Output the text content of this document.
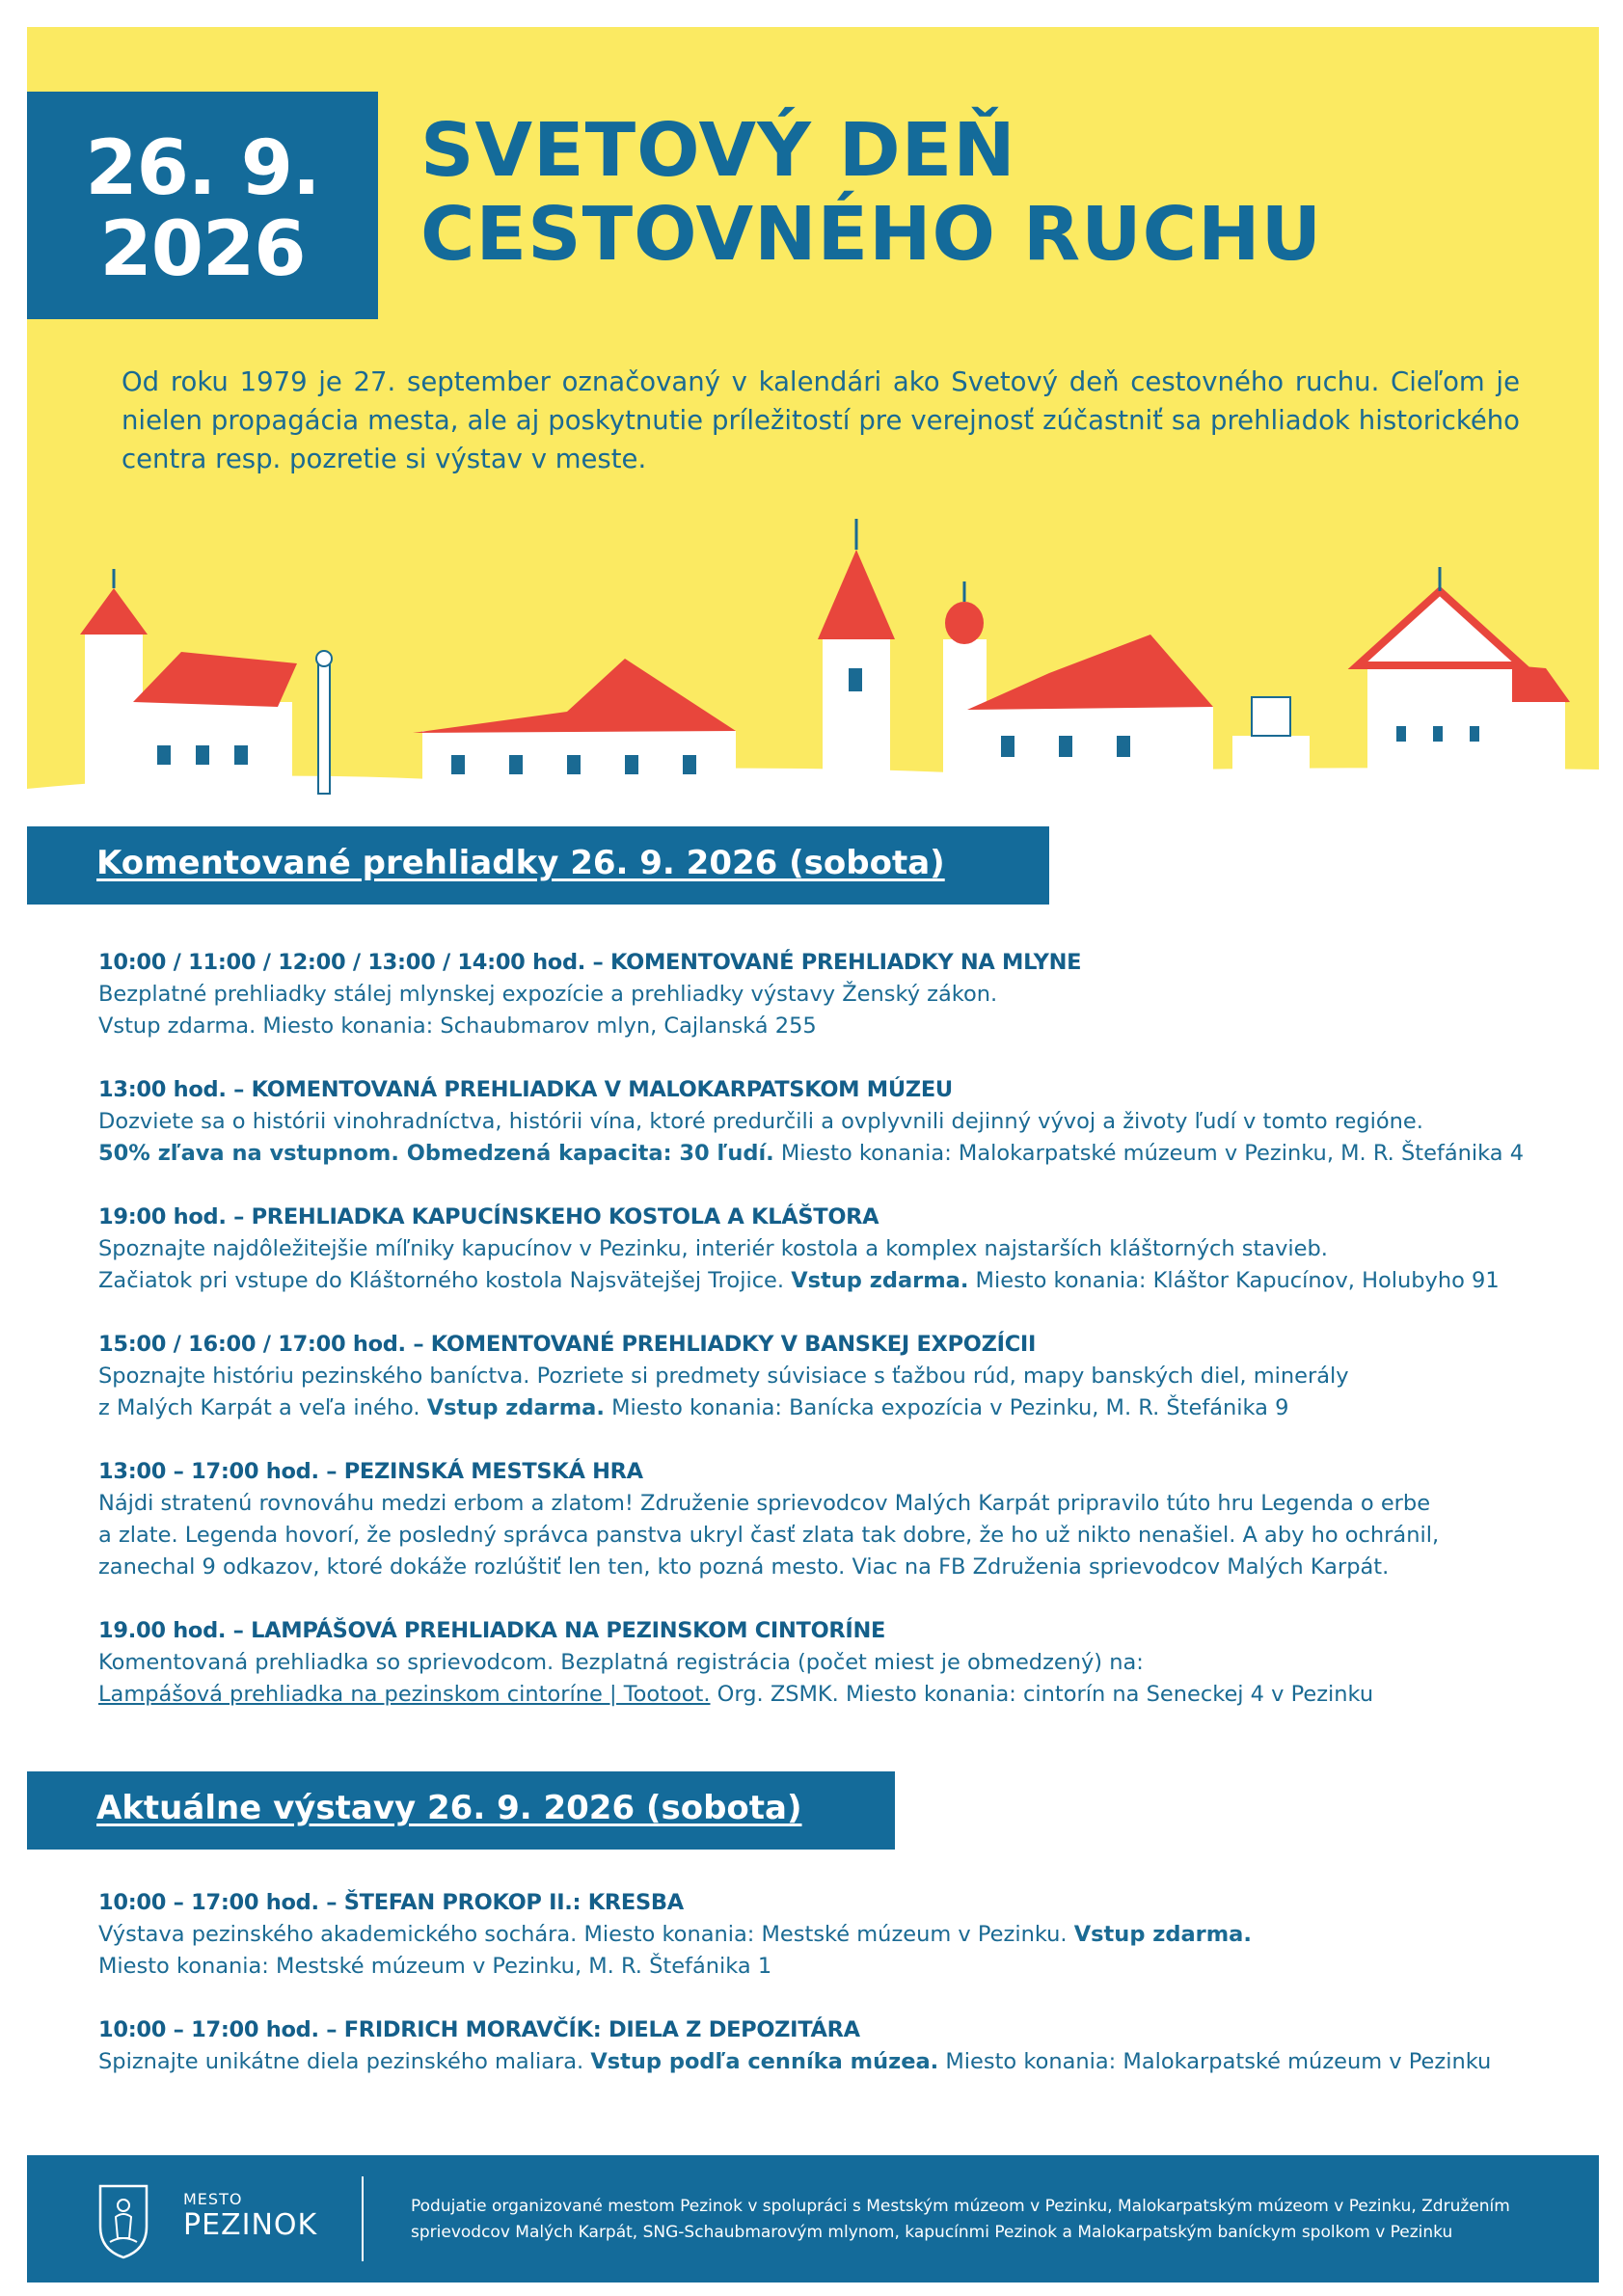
26. 9.
2026
SVETOVÝ DEŇ
CESTOVNÉHO RUCHU

Od roku 1979 je 27. september označovaný v kalendári ako Svetový deň cestovného ruchu. Cieľom je nielen propagácia mesta, ale aj poskytnutie príležitostí pre verejnosť zúčastniť sa prehliadok historického centra resp. pozretie si výstav v meste.

Komentované prehliadky 26. 9. 2026 (sobota)
10:00 / 11:00 / 12:00 / 13:00 / 14:00 hod. – KOMENTOVANÉ PREHLIADKY NA MLYNE
Bezplatné prehliadky stálej mlynskej expozície a prehliadky výstavy Ženský zákon.
Vstup zdarma. Miesto konania: Schaubmarov mlyn, Cajlanská 255
13:00 hod. – KOMENTOVANÁ PREHLIADKA V MALOKARPATSKOM MÚZEU
Dozviete sa o histórii vinohradníctva, histórii vína, ktoré predurčili a ovplyvnili dejinný vývoj a životy ľudí v tomto regióne.
50% zľava na vstupnom. Obmedzená kapacita: 30 ľudí. Miesto konania: Malokarpatské múzeum v Pezinku, M. R. Štefánika 4
19:00 hod. – PREHLIADKA KAPUCÍNSKEHO KOSTOLA A KLÁŠTORA
Spoznajte najdôležitejšie míľniky kapucínov v Pezinku, interiér kostola a komplex najstarších kláštorných stavieb.
Začiatok pri vstupe do Kláštorného kostola Najsvätejšej Trojice. Vstup zdarma. Miesto konania: Kláštor Kapucínov, Holubyho 91
15:00 / 16:00 / 17:00 hod. – KOMENTOVANÉ PREHLIADKY V BANSKEJ EXPOZÍCII
Spoznajte históriu pezinského baníctva. Pozriete si predmety súvisiace s ťažbou rúd, mapy banských diel, minerály
z Malých Karpát a veľa iného. Vstup zdarma. Miesto konania: Banícka expozícia v Pezinku, M. R. Štefánika 9
13:00 – 17:00 hod. – PEZINSKÁ MESTSKÁ HRA
Nájdi stratenú rovnováhu medzi erbom a zlatom! Združenie sprievodcov Malých Karpát pripravilo túto hru Legenda o erbe
a zlate. Legenda hovorí, že posledný správca panstva ukryl časť zlata tak dobre, že ho už nikto nenašiel. A aby ho ochránil,
zanechal 9 odkazov, ktoré dokáže rozlúštiť len ten, kto pozná mesto. Viac na FB Združenia sprievodcov Malých Karpát.
19.00 hod. – LAMPÁŠOVÁ PREHLIADKA NA PEZINSKOM CINTORÍNE
Komentovaná prehliadka so sprievodcom. Bezplatná registrácia (počet miest je obmedzený) na:
Lampášová prehliadka na pezinskom cintoríne | Tootoot. Org. ZSMK. Miesto konania: cintorín na Seneckej 4 v Pezinku
Aktuálne výstavy 26. 9. 2026 (sobota)
10:00 – 17:00 hod. – ŠTEFAN PROKOP II.: KRESBA
Výstava pezinského akademického sochára. Miesto konania: Mestské múzeum v Pezinku. Vstup zdarma.
Miesto konania: Mestské múzeum v Pezinku, M. R. Štefánika 1
10:00 – 17:00 hod. – FRIDRICH MORAVČÍK: DIELA Z DEPOZITÁRA
Spiznajte unikátne diela pezinského maliara. Vstup podľa cenníka múzea. Miesto konania: Malokarpatské múzeum v Pezinku
MESTO
PEZINOK
Podujatie organizované mestom Pezinok v spolupráci s Mestským múzeom v Pezinku, Malokarpatským múzeom v Pezinku, Združením sprievodcov Malých Karpát, SNG-Schaubmarovým mlynom, kapucínmi Pezinok a Malokarpatským baníckym spolkom v Pezinku
